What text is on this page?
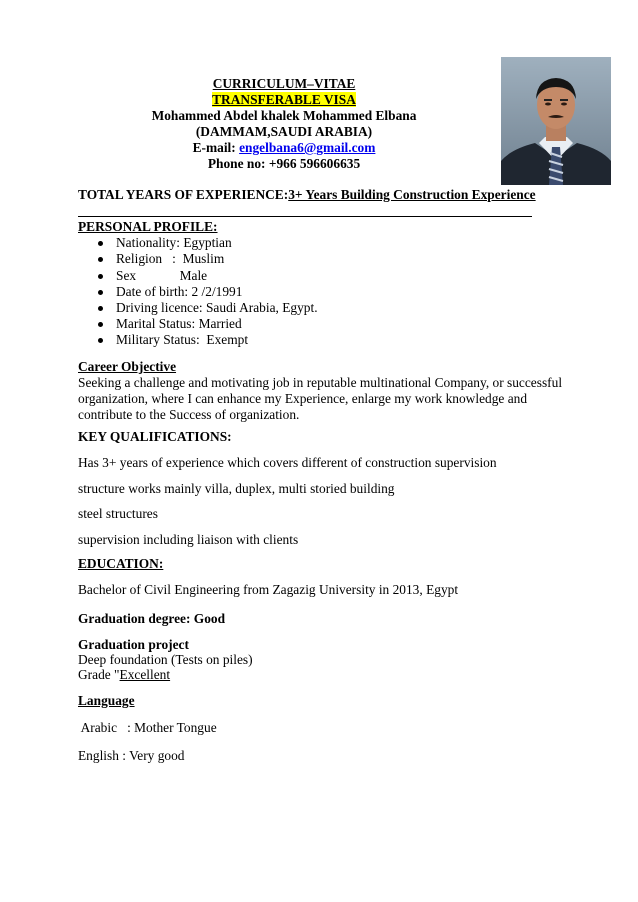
CURRICULUM–VITAE
TRANSFERABLE VISA
Mohammed Abdel khalek Mohammed Elbana
(DAMMAM,SAUDI ARABIA)
E-mail: engelbana6@gmail.com
Phone no: +966 596606635
TOTAL YEARS OF EXPERIENCE:3+ Years Building Construction Experience
PERSONAL PROFILE:
Nationality: Egyptian
Religion   :  Muslim
Sex             Male
Date of birth: 2 /2/1991
Driving licence: Saudi Arabia, Egypt.
Marital Status: Married
Military Status:  Exempt
Career Objective
Seeking a challenge and motivating job in reputable multinational Company, or successful
organization, where I can enhance my Experience, enlarge my work knowledge and
contribute to the Success of organization.
KEY QUALIFICATIONS:
Has 3+ years of experience which covers different of construction supervision
structure works mainly villa, duplex, multi storied building
steel structures
supervision including liaison with clients
EDUCATION:
Bachelor of Civil Engineering from Zagazig University in 2013, Egypt
Graduation degree: Good
Graduation project
Deep foundation (Tests on piles)
Grade "Excellent
Language
Arabic   : Mother Tongue
English : Very good
